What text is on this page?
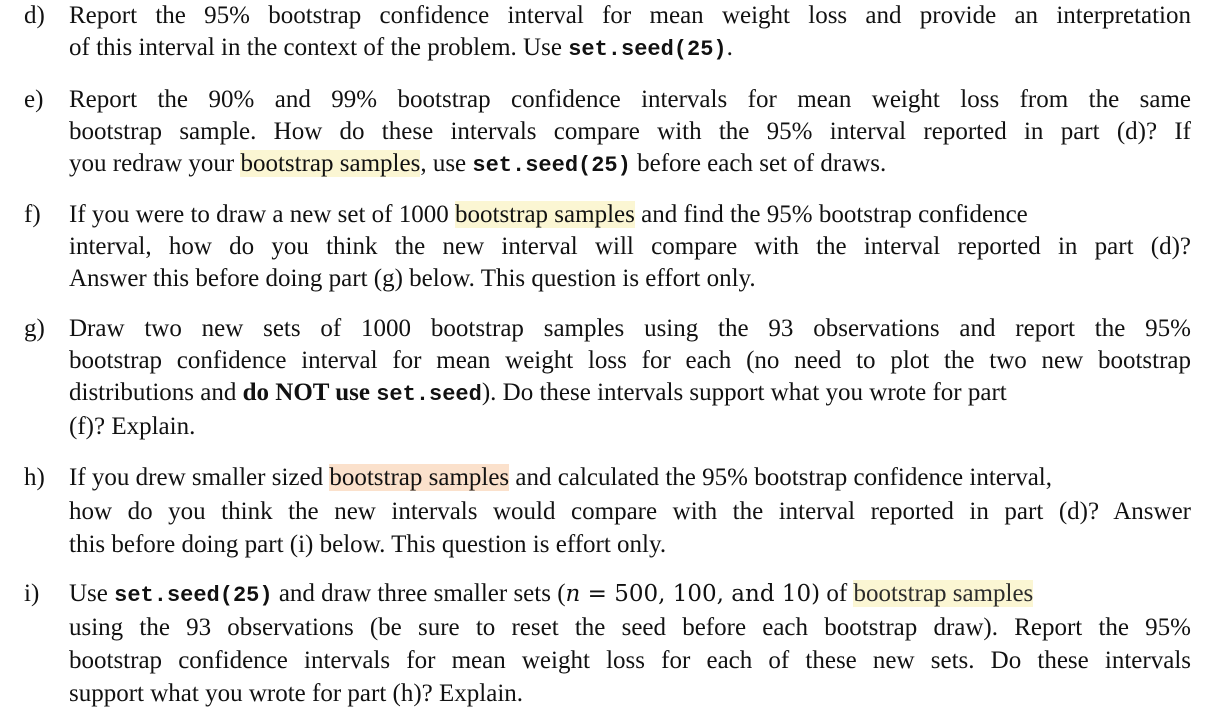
d) Report the 95% bootstrap confidence interval for mean weight loss and provide an interpretation
of this interval in the context of the problem. Use set.seed(25).
e)	Report the 90% and 99% bootstrap confidence intervals for mean weight loss from the same
bootstrap sample. How do these intervals compare with the 95% interval reported in part (d)? If
you redraw your bootstrap samples, use set.seed(25) before each set of draws.
f)	If you were to draw a new set of 1000 bootstrap samples and find the 95% bootstrap confidence
interval, how do you think the new interval will compare with the interval reported in part (d)?
Answer this before doing part (g) below. This question is effort only.
g) Draw two new sets of 1000 bootstrap samples using the 93 observations and report the 95%
bootstrap confidence interval for mean weight loss for each (no need to plot the two new bootstrap
distributions and do NOT use set.seed). Do these intervals support what you wrote for part
(f)? Explain.
h) If you drew smaller sized bootstrap samples and calculated the 95% bootstrap confidence interval,
how do you think the new intervals would compare with the interval reported in part (d)? Answer
this before doing part (i) below. This question is effort only.
i)	Use set.seed(25) and draw three smaller sets (n = 500, 100, and 10) of bootstrap samples
using the 93 observations (be sure to reset the seed before each bootstrap draw). Report the 95%
bootstrap confidence intervals for mean weight loss for each of these new sets. Do these intervals
support what you wrote for part (h)? Explain.
